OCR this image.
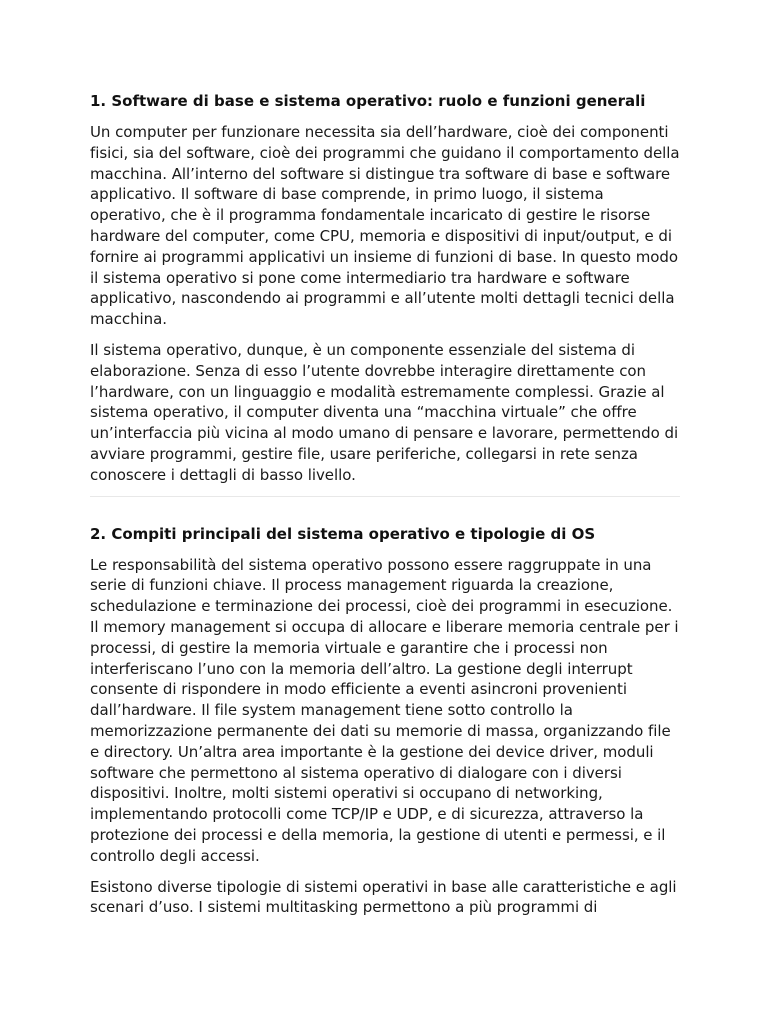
1. Software di base e sistema operativo: ruolo e funzioni generali

Un computer per funzionare necessita sia dell’hardware, cioè dei componenti fisici, sia del software, cioè dei programmi che guidano il comportamento della macchina. All’interno del software si distingue tra software di base e software applicativo. Il software di base comprende, in primo luogo, il sistema operativo, che è il programma fondamentale incaricato di gestire le risorse hardware del computer, come CPU, memoria e dispositivi di input/output, e di fornire ai programmi applicativi un insieme di funzioni di base. In questo modo il sistema operativo si pone come intermediario tra hardware e software applicativo, nascondendo ai programmi e all’utente molti dettagli tecnici della macchina.

Il sistema operativo, dunque, è un componente essenziale del sistema di elaborazione. Senza di esso l’utente dovrebbe interagire direttamente con l’hardware, con un linguaggio e modalità estremamente complessi. Grazie al sistema operativo, il computer diventa una “macchina virtuale” che offre un’interfaccia più vicina al modo umano di pensare e lavorare, permettendo di avviare programmi, gestire file, usare periferiche, collegarsi in rete senza conoscere i dettagli di basso livello.

2. Compiti principali del sistema operativo e tipologie di OS

Le responsabilità del sistema operativo possono essere raggruppate in una serie di funzioni chiave. Il process management riguarda la creazione, schedulazione e terminazione dei processi, cioè dei programmi in esecuzione. Il memory management si occupa di allocare e liberare memoria centrale per i processi, di gestire la memoria virtuale e garantire che i processi non interferiscano l’uno con la memoria dell’altro. La gestione degli interrupt consente di rispondere in modo efficiente a eventi asincroni provenienti dall’hardware. Il file system management tiene sotto controllo la memorizzazione permanente dei dati su memorie di massa, organizzando file e directory. Un’altra area importante è la gestione dei device driver, moduli software che permettono al sistema operativo di dialogare con i diversi dispositivi. Inoltre, molti sistemi operativi si occupano di networking, implementando protocolli come TCP/IP e UDP, e di sicurezza, attraverso la protezione dei processi e della memoria, la gestione di utenti e permessi, e il controllo degli accessi.

Esistono diverse tipologie di sistemi operativi in base alle caratteristiche e agli scenari d’uso. I sistemi multitasking permettono a più programmi di
